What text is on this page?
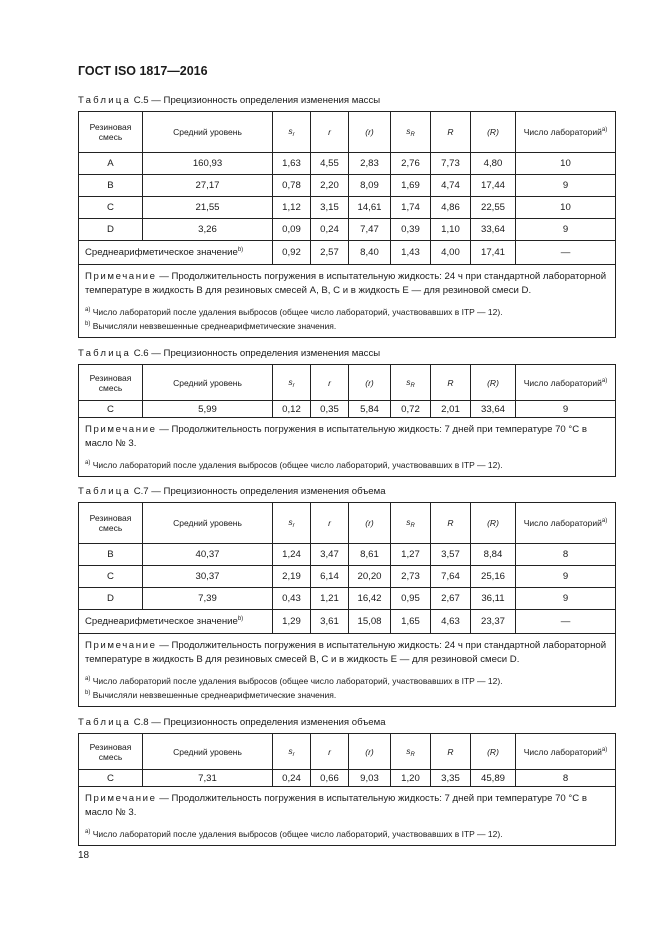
ГОСТ ISO 1817—2016
Таблица С.5 — Прецизионность определения изменения массы
Резиновая смесь	Средний уровень	$s_r$	r	(r)	$s_R$	R	(R)	Число лабораторий$^{a)}$
A	160,93	1,63	4,55	2,83	2,76	7,73	4,80	10
B	27,17	0,78	2,20	8,09	1,69	4,74	17,44	9
C	21,55	1,12	3,15	14,61	1,74	4,86	22,55	10
D	3,26	0,09	0,24	7,47	0,39	1,10	33,64	9
Среднеарифметическое значение$^{b)}$		0,92	2,57	8,40	1,43	4,00	17,41	—

Примечание — Продолжительность погружения в испытательную жидкость: 24 ч при стандартной лабораторной температуре в жидкость В для резиновых смесей A, B, C и в жидкость E — для резиновой смеси D.
$^{a)}$ Число лабораторий после удаления выбросов (общее число лабораторий, участвовавших в ITP — 12).
$^{b)}$ Вычисляли невзвешенные среднеарифметические значения.								
Таблица С.6 — Прецизионность определения изменения массы
Резиновая смесь	Средний уровень	$s_r$	r	(r)	$s_R$	R	(R)	Число лабораторий$^{a)}$
C	5,99	0,12	0,35	5,84	0,72	2,01	33,64	9

Примечание — Продолжительность погружения в испытательную жидкость: 7 дней при температуре 70 °C в масло № 3.
$^{a)}$ Число лабораторий после удаления выбросов (общее число лабораторий, участвовавших в ITP — 12).								
Таблица С.7 — Прецизионность определения изменения объема
Резиновая смесь	Средний уровень	$s_r$	r	(r)	$s_R$	R	(R)	Число лабораторий$^{a)}$
B	40,37	1,24	3,47	8,61	1,27	3,57	8,84	8
C	30,37	2,19	6,14	20,20	2,73	7,64	25,16	9
D	7,39	0,43	1,21	16,42	0,95	2,67	36,11	9
Среднеарифметическое значение$^{b)}$		1,29	3,61	15,08	1,65	4,63	23,37	—

Примечание — Продолжительность погружения в испытательную жидкость: 24 ч при стандартной лабораторной температуре в жидкость B для резиновых смесей B, C и в жидкость E — для резиновой смеси D.
$^{a)}$ Число лабораторий после удаления выбросов (общее число лабораторий, участвовавших в ITP — 12).
$^{b)}$ Вычисляли невзвешенные среднеарифметические значения.								
Таблица С.8 — Прецизионность определения изменения объема
Резиновая смесь	Средний уровень	$s_r$	r	(r)	$s_R$	R	(R)	Число лабораторий$^{a)}$
C	7,31	0,24	0,66	9,03	1,20	3,35	45,89	8

Примечание — Продолжительность погружения в испытательную жидкость: 7 дней при температуре 70 °C в масло № 3.
$^{a)}$ Число лабораторий после удаления выбросов (общее число лабораторий, участвовавших в ITP — 12).								
18
